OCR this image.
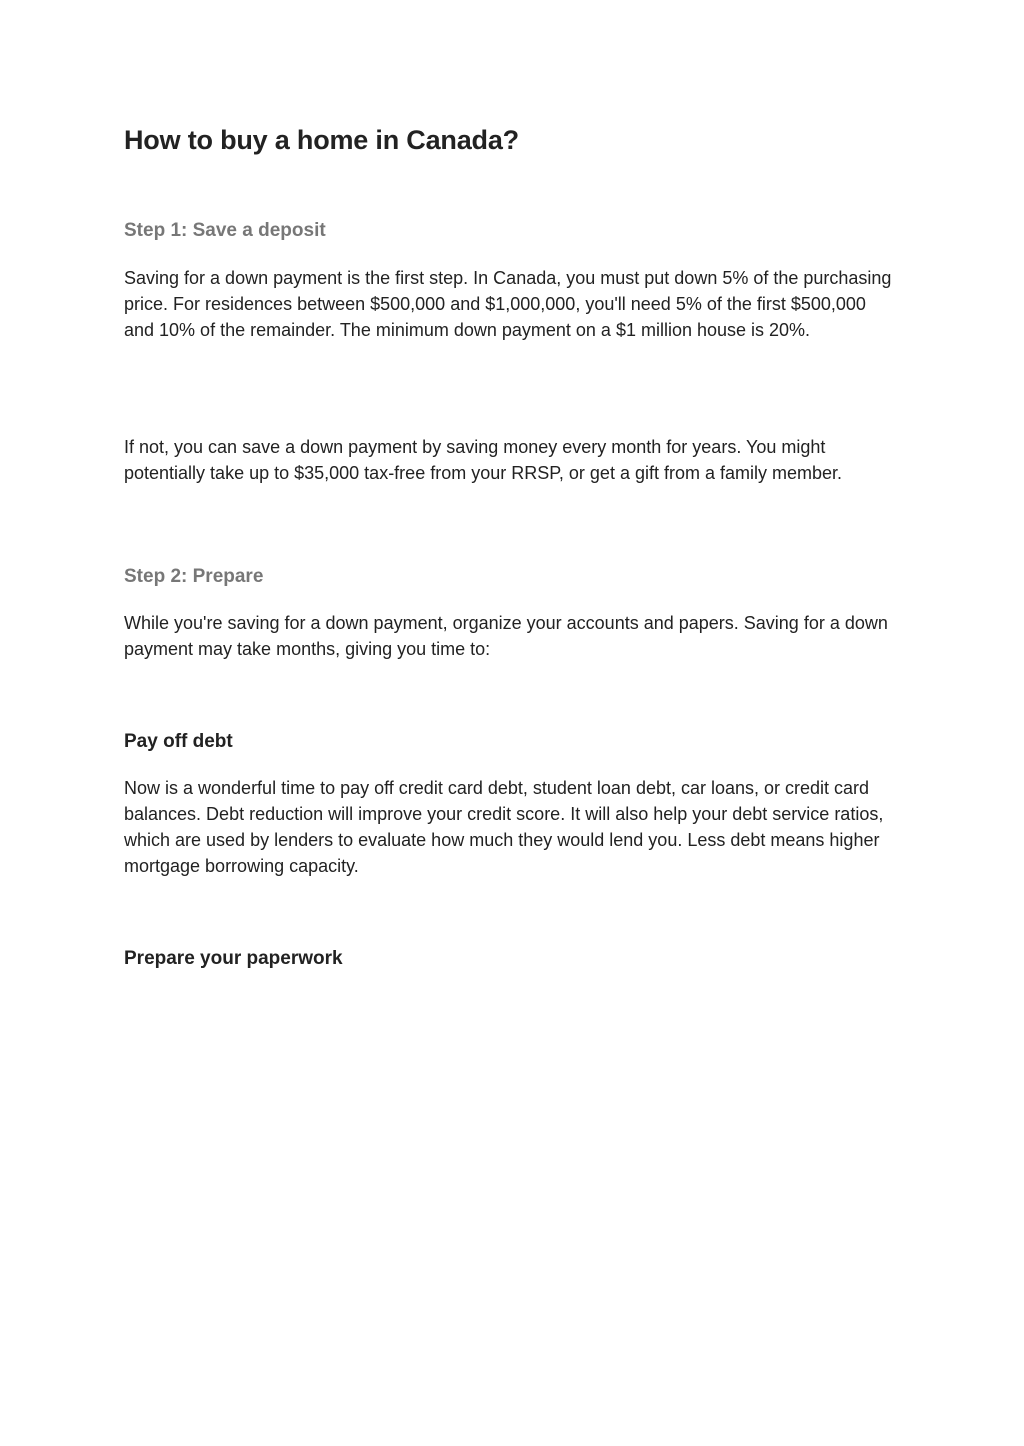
How to buy a home in Canada?
Step 1: Save a deposit

Saving for a down payment is the first step. In Canada, you must put down 5% of the purchasing price. For residences between $500,000 and $1,000,000, you'll need 5% of the first $500,000 and 10% of the remainder. The minimum down payment on a $1 million house is 20%.

If not, you can save a down payment by saving money every month for years. You might potentially take up to $35,000 tax-free from your RRSP, or get a gift from a family member.

Step 2: Prepare

While you're saving for a down payment, organize your accounts and papers. Saving for a down payment may take months, giving you time to:

Pay off debt

Now is a wonderful time to pay off credit card debt, student loan debt, car loans, or credit card balances. Debt reduction will improve your credit score. It will also help your debt service ratios, which are used by lenders to evaluate how much they would lend you. Less debt means higher mortgage borrowing capacity.

Prepare your paperwork
